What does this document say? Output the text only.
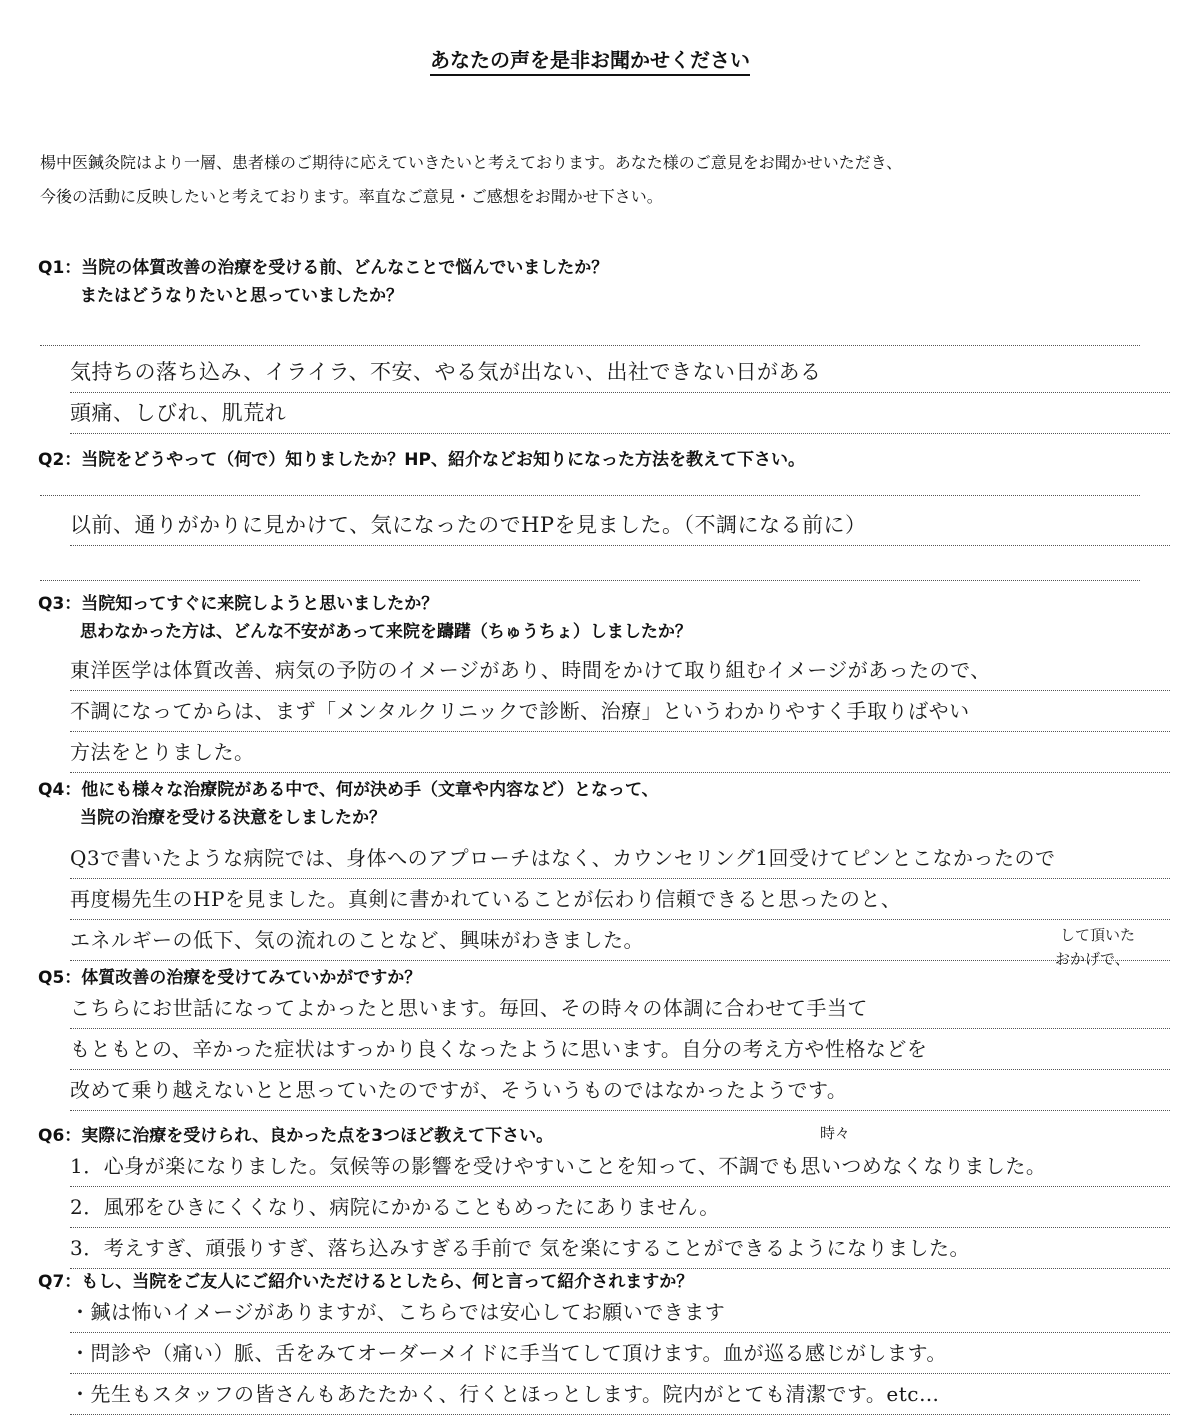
あなたの声を是非お聞かせください
楊中医鍼灸院はより一層、患者様のご期待に応えていきたいと考えております。あなた様のご意見をお聞かせいただき、
今後の活動に反映したいと考えております。率直なご意見・ご感想をお聞かせ下さい。
Q1：当院の体質改善の治療を受ける前、どんなことで悩んでいましたか？
またはどうなりたいと思っていましたか？
気持ちの落ち込み、イライラ、不安、やる気が出ない、出社できない日がある
頭痛、しびれ、肌荒れ
Q2：当院をどうやって（何で）知りましたか？HP、紹介などお知りになった方法を教えて下さい。
以前、通りがかりに見かけて、気になったのでHPを見ました。（不調になる前に）
Q3：当院知ってすぐに来院しようと思いましたか？
思わなかった方は、どんな不安があって来院を躊躇（ちゅうちょ）しましたか？
東洋医学は体質改善、病気の予防のイメージがあり、時間をかけて取り組むイメージがあったので、
不調になってからは、まず「メンタルクリニックで診断、治療」というわかりやすく手取りばやい
方法をとりました。
Q4：他にも様々な治療院がある中で、何が決め手（文章や内容など）となって、
当院の治療を受ける決意をしましたか？
Q3で書いたような病院では、身体へのアプローチはなく、カウンセリング1回受けてピンとこなかったので
再度楊先生のHPを見ました。真剣に書かれていることが伝わり信頼できると思ったのと、
エネルギーの低下、気の流れのことなど、興味がわきました。	して頂いた
おかげで、
Q5：体質改善の治療を受けてみていかがですか？
こちらにお世話になってよかったと思います。毎回、その時々の体調に合わせて手当て
もともとの、辛かった症状はすっかり良くなったように思います。自分の考え方や性格などを
改めて乗り越えないとと思っていたのですが、そういうものではなかったようです。
Q6：実際に治療を受けられ、良かった点を3つほど教えて下さい。	時々
1．心身が楽になりました。気候等の影響を受けやすいことを知って、不調でも思いつめなくなりました。
2．風邪をひきにくくなり、病院にかかることもめったにありません。
3．考えすぎ、頑張りすぎ、落ち込みすぎる手前で 気を楽にすることができるようになりました。
Q7：もし、当院をご友人にご紹介いただけるとしたら、何と言って紹介されますか？
・鍼は怖いイメージがありますが、こちらでは安心してお願いできます
・問診や（痛い）脈、舌をみてオーダーメイドに手当てして頂けます。血が巡る感じがします。
・先生もスタッフの皆さんもあたたかく、行くとほっとします。院内がとても清潔です。etc…
